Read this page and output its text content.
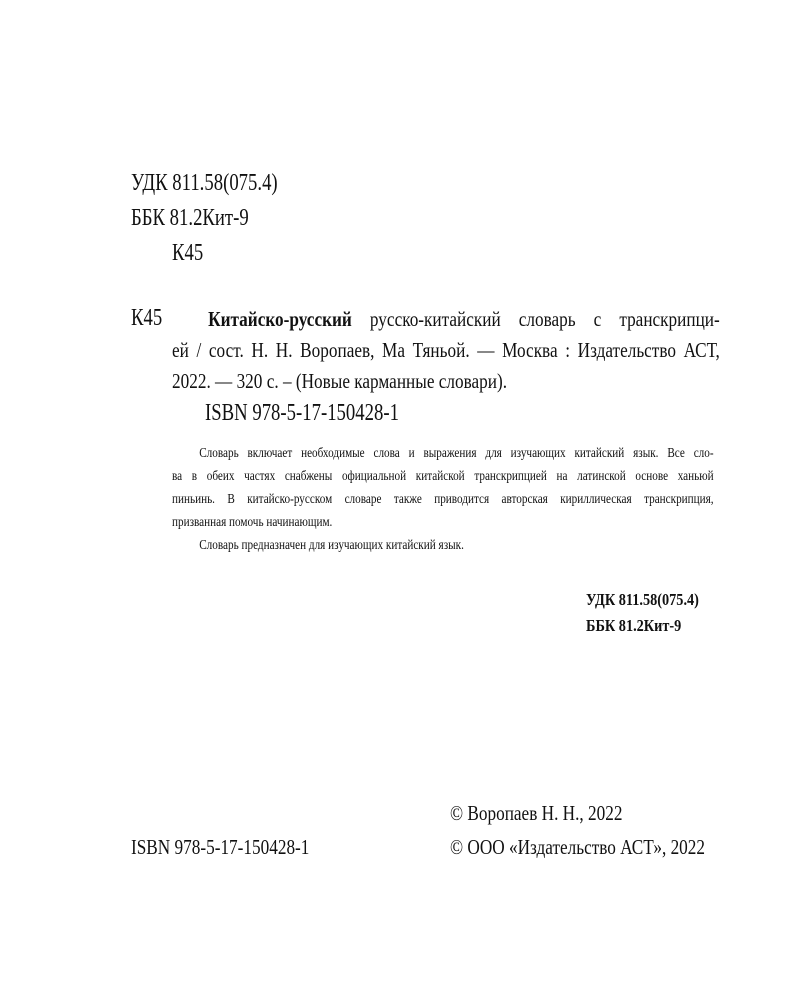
УДК 811.58(075.4)
ББК 81.2Кит-9
К45
К45	Китайско-русский русско-китайский словарь с транскрипци-
ей / сост. Н. Н. Воропаев, Ма Тяньой. — Москва : Издательство АСТ,
2022. — 320 с. – (Новые карманные словари).
ISBN 978-5-17-150428-1
Словарь включает необходимые слова и выражения для изучающих китайский язык. Все сло-
ва в обеих частях снабжены официальной китайской транскрипцией на латинской основе ханьюй
пиньинь. В китайско-русском словаре также приводится авторская кириллическая транскрипция,
призванная помочь начинающим.
Словарь предназначен для изучающих китайский язык.
УДК 811.58(075.4)
ББК 81.2Кит-9
© Воропаев Н. Н., 2022
ISBN 978-5-17-150428-1	© ООО «Издательство АСТ», 2022
